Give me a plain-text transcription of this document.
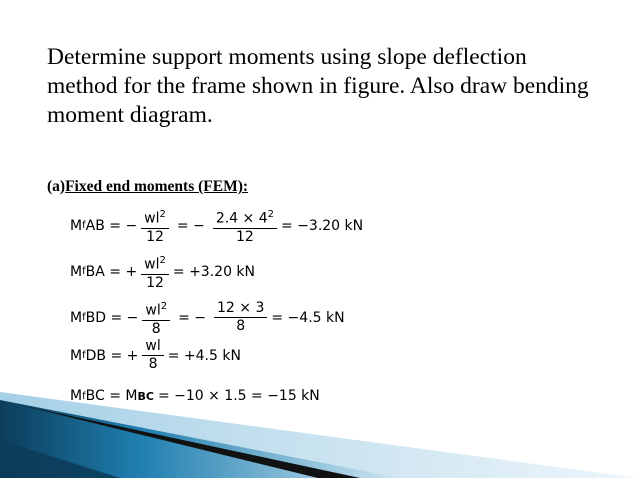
Determine support moments using slope deflection
method for the frame shown in figure. Also draw bending
moment diagram.
(a)Fixed end moments (FEM):
M f AB = − $\frac{wl^2}{12}$ = − $\frac{2.4 \times 4^2}{12} = -3.20$ kN
M f BA = + $\frac{wl^2}{12} = +3.20$ kN
M f BD = − $\frac{wl^2}{8}$ = − $\frac{12 \times 3}{8} = -4.5$ kN
M f DB = + $\frac{wl}{8} = +4.5$ kN
M f BC = M BC = −10 × 1.5 = −15 kN
